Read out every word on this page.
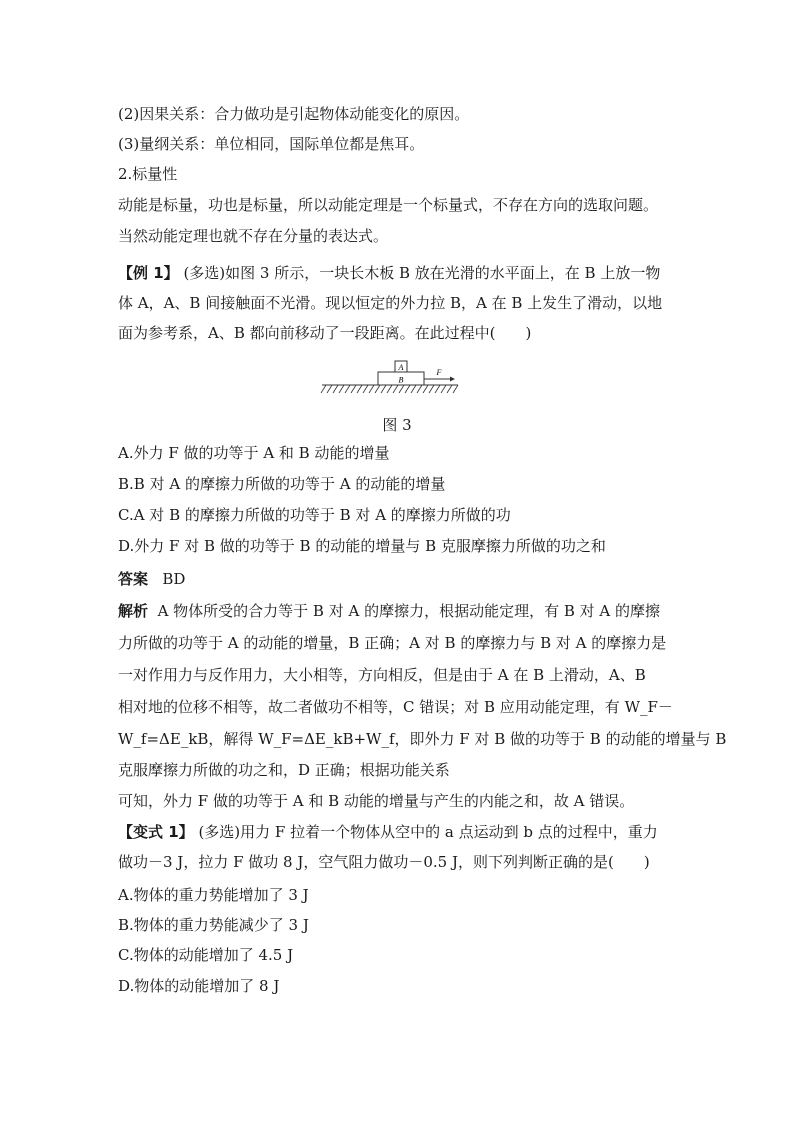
(2)因果关系：合力做功是引起物体动能变化的原因。
(3)量纲关系：单位相同，国际单位都是焦耳。
2.标量性
动能是标量，功也是标量，所以动能定理是一个标量式，不存在方向的选取问题。
当然动能定理也就不存在分量的表达式。
【例 1】 (多选)如图 3 所示，一块长木板 B 放在光滑的水平面上，在 B 上放一物
体 A，A、B 间接触面不光滑。现以恒定的外力拉 B，A 在 B 上发生了滑动，以地
面为参考系，A、B 都向前移动了一段距离。在此过程中(　　)
A
B
F
图 3
A.外力 F 做的功等于 A 和 B 动能的增量
B.B 对 A 的摩擦力所做的功等于 A 的动能的增量
C.A 对 B 的摩擦力所做的功等于 B 对 A 的摩擦力所做的功
D.外力 F 对 B 做的功等于 B 的动能的增量与 B 克服摩擦力所做的功之和
答案 BD
解析 A 物体所受的合力等于 B 对 A 的摩擦力，根据动能定理，有 B 对 A 的摩擦
力所做的功等于 A 的动能的增量，B 正确；A 对 B 的摩擦力与 B 对 A 的摩擦力是
一对作用力与反作用力，大小相等，方向相反，但是由于 A 在 B 上滑动，A、B
相对地的位移不相等，故二者做功不相等，C 错误；对 B 应用动能定理，有 W_F－
W_f=ΔE_kB，解得 W_F=ΔE_kB+W_f，即外力 F 对 B 做的功等于 B 的动能的增量与 B
克服摩擦力所做的功之和，D 正确；根据功能关系
可知，外力 F 做的功等于 A 和 B 动能的增量与产生的内能之和，故 A 错误。
【变式 1】 (多选)用力 F 拉着一个物体从空中的 a 点运动到 b 点的过程中，重力
做功－3 J，拉力 F 做功 8 J，空气阻力做功－0.5 J，则下列判断正确的是(　　)
A.物体的重力势能增加了 3 J
B.物体的重力势能减少了 3 J
C.物体的动能增加了 4.5 J
D.物体的动能增加了 8 J
